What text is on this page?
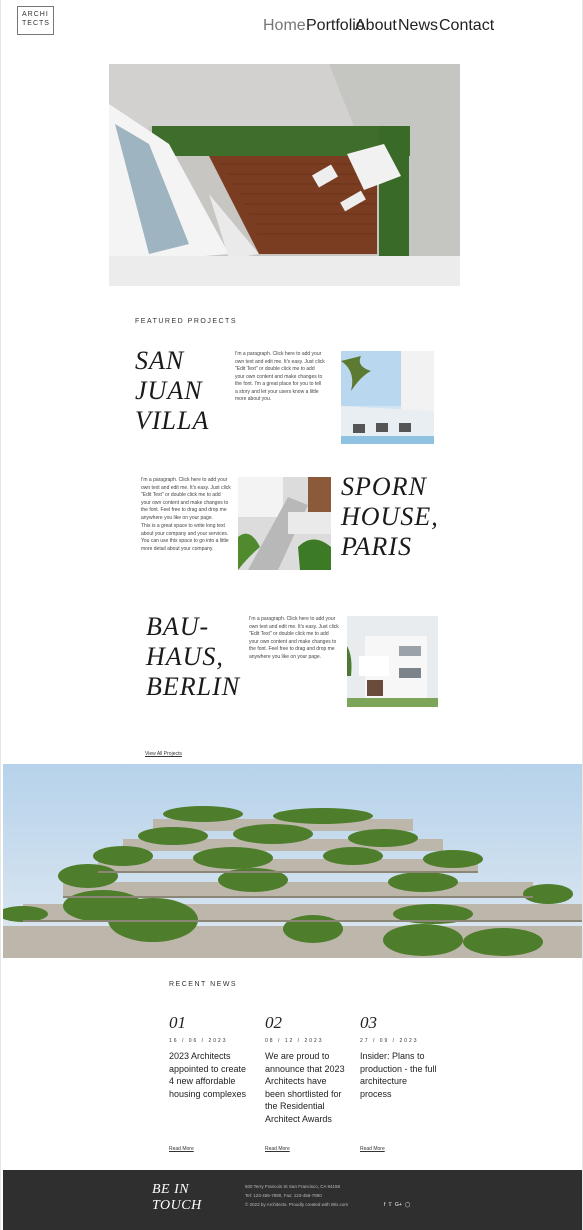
ARCHI
TECTS	Home Portfolio
About News Contact
FEATURED PROJECTS
SAN
JUAN
VILLA
I'm a paragraph. Click here to add your own text and edit me. It's easy. Just click "Edit Text" or double click me to add your own content and make changes to the font. I'm a great place for you to tell a story and let your users know a little more about you.
I'm a paragraph. Click here to add your own text and edit me. It's easy. Just click "Edit Text" or double click me to add your own content and make changes to the font. Feel free to drag and drop me anywhere you like on your page.
This is a great space to write long text about your company and your services. You can use this space to go into a little more detail about your company.
SPORN
HOUSE,
PARIS
BAU-
HAUS,
BERLIN
I'm a paragraph. Click here to add your own text and edit me. It's easy. Just click "Edit Text" or double click me to add your own content and make changes to the font. Feel free to drag and drop me anywhere you like on your page.
View All Projects
RECENT NEWS
01
16 / 06 / 2023
2023 Architects appointed to create 4 new affordable housing complexes
Read More
02
08 / 12 / 2023
We are proud to announce that 2023 Architects have been shortlisted for the Residential Architect Awards
Read More
03
27 / 09 / 2023
Insider: Plans to production - the full architecture process
Read More
BE IN
TOUCH
500 Terry Francois St San Francisco, CA 94158
Tel: 123-456-7890, Fax: 123-456-7890
© 2023 by Architects. Proudly created with Wix.com	f 𝕋 G+ ◯
